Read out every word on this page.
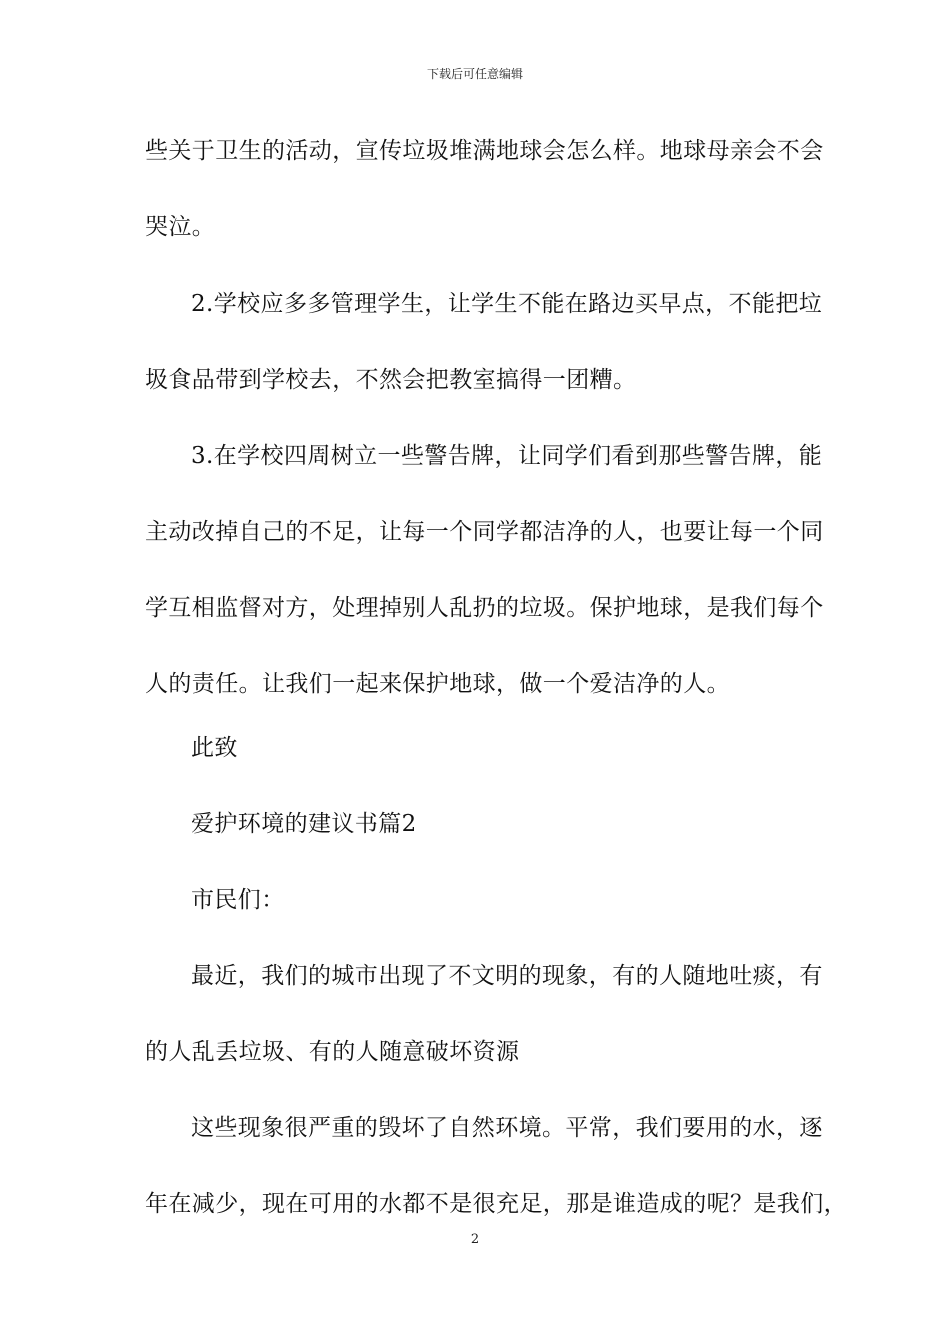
下载后可任意编辑
些关于卫生的活动，宣传垃圾堆满地球会怎么样。地球母亲会不会
哭泣。
2.学校应多多管理学生，让学生不能在路边买早点，不能把垃
圾食品带到学校去，不然会把教室搞得一团糟。
3.在学校四周树立一些警告牌，让同学们看到那些警告牌，能
主动改掉自己的不足，让每一个同学都洁净的人，也要让每一个同
学互相监督对方，处理掉别人乱扔的垃圾。保护地球，是我们每个
人的责任。让我们一起来保护地球，做一个爱洁净的人。
此致
爱护环境的建议书篇2
市民们：
最近，我们的城市出现了不文明的现象，有的人随地吐痰，有
的人乱丢垃圾、有的人随意破坏资源
这些现象很严重的毁坏了自然环境。平常，我们要用的水，逐
年在减少，现在可用的水都不是很充足，那是谁造成的呢？是我们，
2
